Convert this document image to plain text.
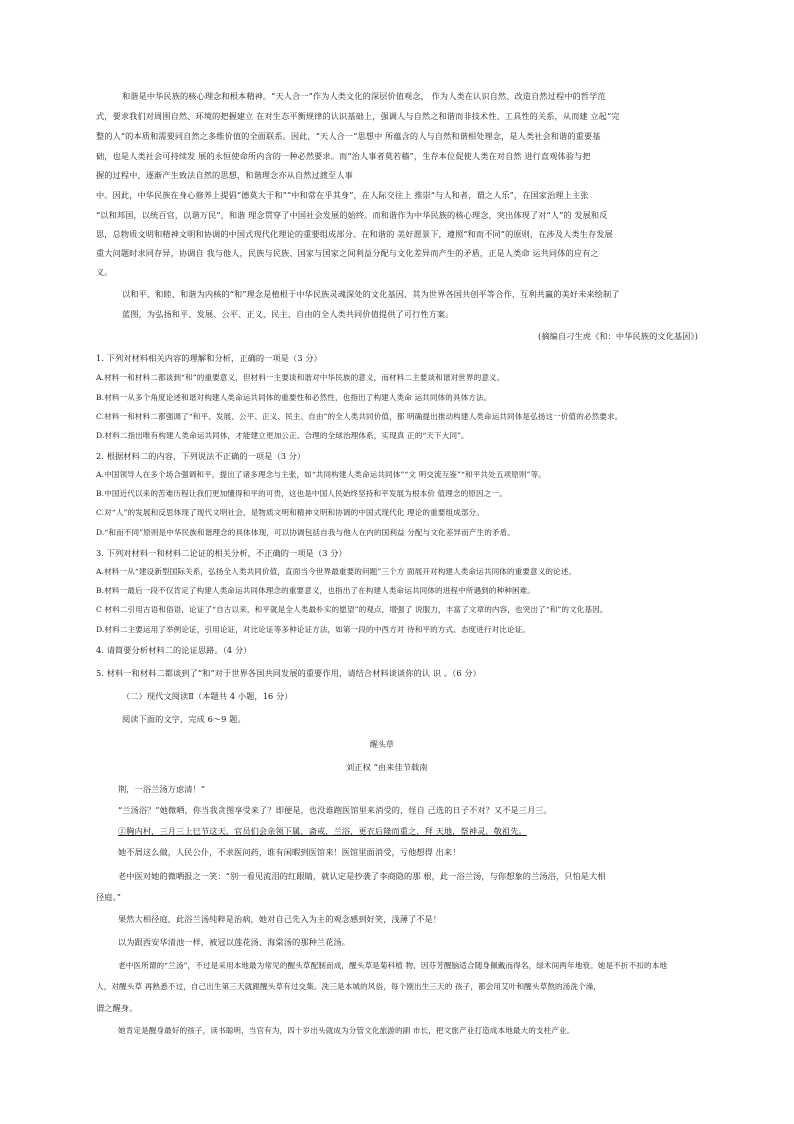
和谐是中华民族的核心理念和根本精神。“天人合一”作为人类文化的深层价值观念， 作为人类在认识自然、改造自然过程中的哲学范
式，要求我们对周围自然、环境的把握建立 在对生态平衡规律的认识基础上，强调人与自然之和谐而非技术性、工具性的关系，从而建 立起“完
整的人”的本质和需要同自然之多维价值的全面联系。因此，“天人合一”思想中 所蕴含的人与自然和谐相处理念，是人类社会和谐的重要基
础，也是人类社会可持续发 展的永恒使命所内含的一种必然要求。而“治人事者莫若穑”，生存本位促使人类在对自然 进行直观体验与把
握的过程中，逐渐产生致法自然的思想，和谐理念亦从自然过渡至人事
中。因此，中华民族在身心修养上提倡“德莫大于和”“中和常在乎其身”，在人际交往上 推崇“与人和者，谓之人乐”，在国家治理上主张
“以和邦国，以统百官，以谐万民”，和谐 理念贯穿了中国社会发展的始终。而和谐作为中华民族的核心理念，突出体现了对“人”的 发展和反
思，总物质文明和精神文明和协调的中国式现代化理论的重要组成部分。在和谐的 美好愿景下，遵照“和而不同”的原则，在涉及人类生存发展
重大问题时求同存异，协调自 我与他人，民族与民族、国家与国家之间利益分配与文化差异而产生的矛盾，正是人类命 运共同体的应有之
义。
以和平、和睦、和谐为内核的“和”理念是植根于中华民族灵魂深处的文化基因，其为世界各国共创平等合作、互利共赢的美好未来绘制了
蓝图，为弘扬和平、发展、公平、正义、民主、自由的全人类共同价值提供了可行性方案。
(摘编自刁生虎《和：中华民族的文化基因》)
1. 下列对材料相关内容的理解和分析，正确的一项是（3 分）
A.材料一和材料二都谈到“和”的重要意义，但材料一主要谈和谐对中华民族的意义，而材料二主要谈和谐对世界的意义。
B.材料一从多个角度论述和谐对构建人类命运共同体的重要性和必然性，也指出了构建人类命 运共同体的具体方法。
C.材料一和材料二都强调了“和平、发展、公平、正义、民主、自由”的全人类共同价值，都 明确提出推动构建人类命运共同体是弘扬这一价值的必然要求。
D.材料二指出唯有构建人类命运共同体，才能建立更加公正、合理的全球治理体系，实现真 正的“天下大同”。
2. 根据材料二的内容，下列说法不正确的一项是（3 分）
A.中国领导人在多个场合强调和平，提出了诸多理念与主张，如“共同构建人类命运共同体”“文 明交流互鉴”“和平共处五项原则”等。
B.中国近代以来的苦难历程让我们更加懂得和平的可贵，这也是中国人民始终坚持和平发展为根本价 值理念的原因之一。
C.对“人”的发展和反思体现了现代文明社会，是物质文明和精神文明和协调的中国式现代化 理论的重要组成部分。
D.“和而不同”原则是中华民族和谐理念的具体体现，可以协调包括自我与他人在内的国利益 分配与文化差异而产生的矛盾。
3. 下列对材料一和材料二论证的相关分析，不正确的一项是（3 分）
A.材料一从“建设新型国际关系，弘扬全人类共同价值，直面当今世界最重要的问题”三个方 面展开对构建人类命运共同体的重要意义的论述。
B.材料一最后一段不仅肯定了构建人类命运共同体理念的重要意义，也指出了在构建人类命运共同体的进程中所遇到的种种困难。
C 材料二引用古语和俗语，论证了“自古以来，和平就是全人类最朴实的愿望”的观点，增强了 说服力，丰富了文章的内容，也突出了“和”的文化基因。
D.材料二主要运用了举例论证，引用论证，对比论证等多种论证方法，如第一段的中西方对 待和平的方式、态度进行对比论证。
4. 请简要分析材料二的论证思路。（4 分）
5. 材料一和材料二都谈到了“和”对于世界各国共同发展的重要作用，请结合材料谈谈你的认 识 。（6 分）
（二）现代文阅读Ⅱ（本题共 4 小题，16 分）
阅读下面的文字，完成 6～9 题。
醒头草
刘正权 “由来佳节载南
荆，一浴兰汤万虑清！”
“兰汤浴？”她微哂，你当我贪图享受来了？即便是，也没谁跑医馆里来消受的，怪自 己选的日子不对？又不是三月三。
①胸内村，三月三上巳节这天，官员们会亲领下属，斋戒，兰浴，更衣后隆而重之，拜 天地，祭神灵，敬祖先。
她不屑这么做，人民公仆，不求医问药，谁有闲暇到医馆来！医馆里面消受，亏他想得 出来！
老中医对她的微哂报之一笑：“别一看见流泪的红眼睛，就认定是抄袭了李商隐的那 根，此一浴兰汤，与你想象的兰汤浴，只怕是大相
径庭。”
果然大相径庭，此浴兰汤纯粹是治病，她对自己先入为主的观念感到好笑，浅薄了不是！
以为跟西安华清池一样，被冠以莲花汤、海棠汤的那种兰花汤。
老中医所谓的“兰汤”，不过是采用本地最为常见的醒头草配制而成，醒头草是菊科植 物，因芬芳醒脑适合随身佩戴而得名，绿木间两年地衰。她是不折不扣的本地
人，对醒头草 再熟悉不过，自己出生第三天就跟醒头草有过交集。洗三是本城的风俗，每个刚出生三天的 孩子，都会用艾叶和醒头草熬的汤洗个澡，
谓之醒身。
她肯定是醒身最好的孩子，读书聪明，当官有为，四十岁出头就成为分管文化旅游的副 市长，把文旅产业打造成本地最大的支柱产业。
